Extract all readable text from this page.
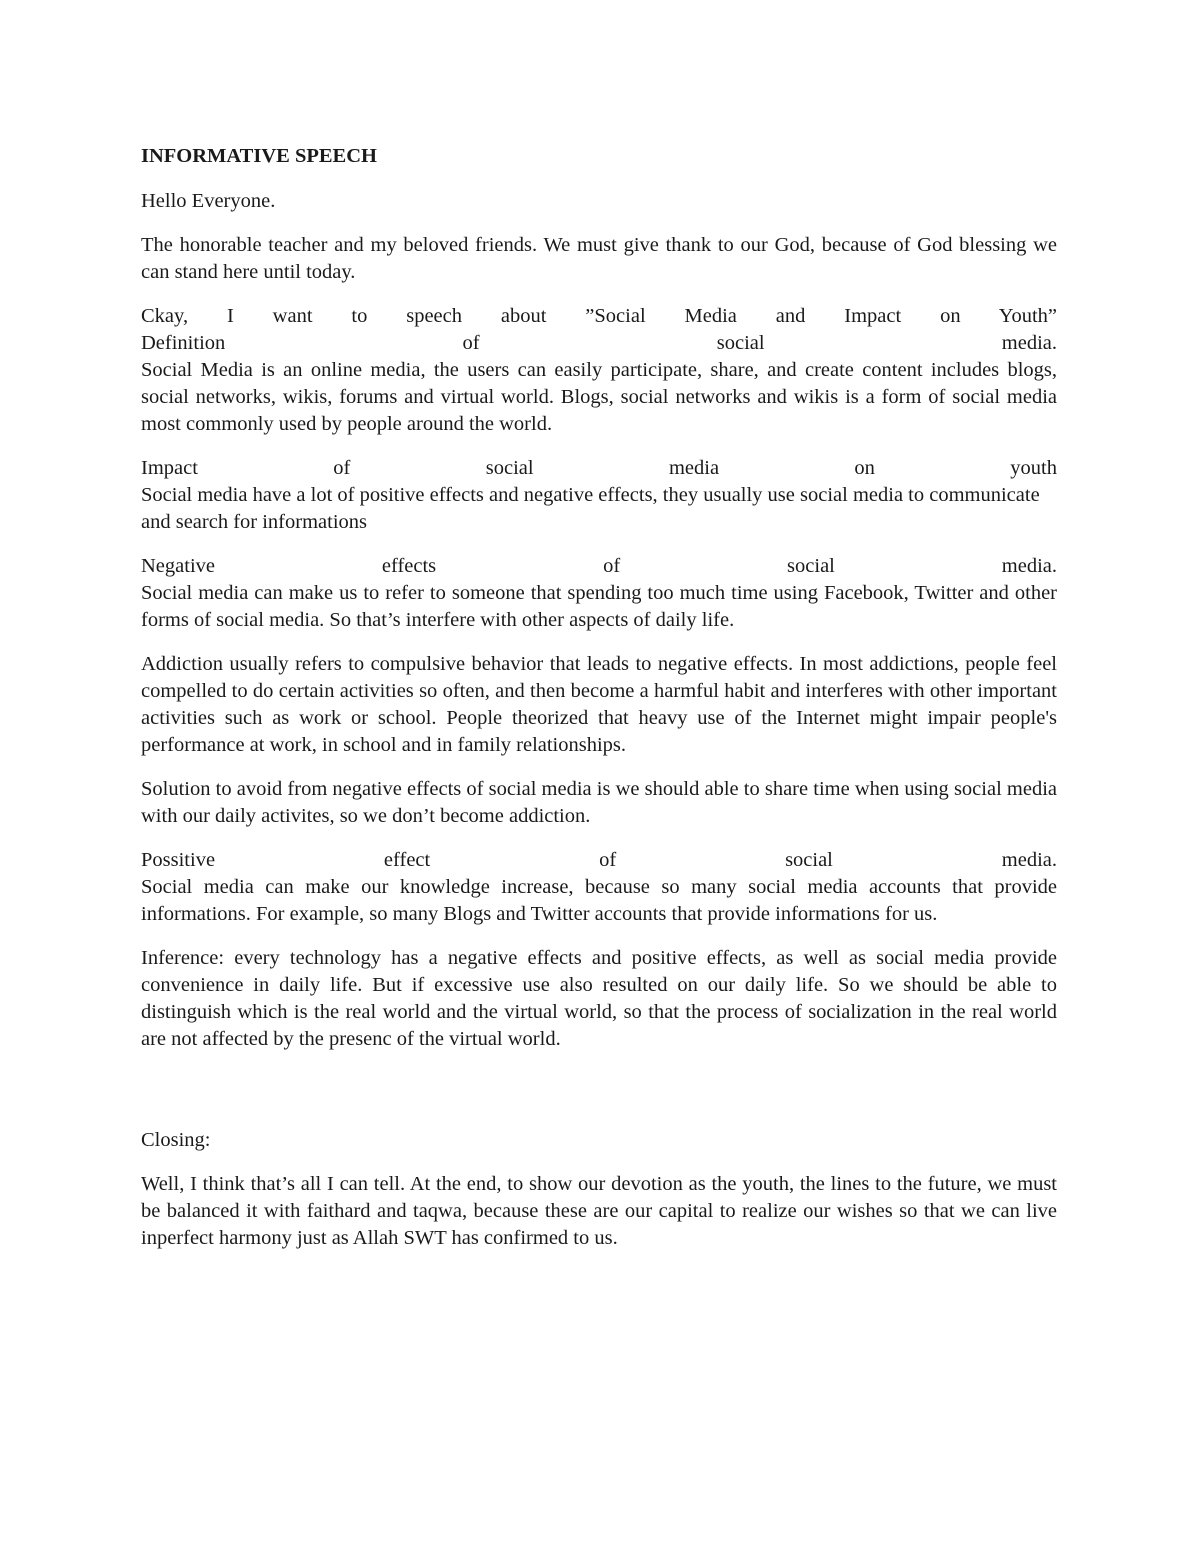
INFORMATIVE SPEECH

Hello Everyone.

The honorable teacher and my beloved friends. We must give thank to our God, because of God blessing we can stand here until today.

Ckay, I want to speech about ”Social Media and Impact on Youth”
Definition of social media.
Social Media is an online media, the users can easily participate, share, and create content includes blogs, social networks, wikis, forums and virtual world. Blogs, social networks and wikis is a form of social media most commonly used by people around the world.

Impact of social media on youth
Social media have a lot of positive effects and negative effects, they usually use social media to communicate and search for informations

Negative effects of social media.
Social media can make us to refer to someone that spending too much time using Facebook, Twitter and other forms of social media. So that’s interfere with other aspects of daily life.

Addiction usually refers to compulsive behavior that leads to negative effects. In most addictions, people feel compelled to do certain activities so often, and then become a harmful habit and interferes with other important activities such as work or school. People theorized that heavy use of the Internet might impair people's performance at work, in school and in family relationships.

Solution to avoid from negative effects of social media is we should able to share time when using social media with our daily activites, so we don’t become addiction.

Possitive effect of social media.
Social media can make our knowledge increase, because so many social media accounts that provide informations. For example, so many Blogs and Twitter accounts that provide informations for us.

Inference: every technology has a negative effects and positive effects, as well as social media provide convenience in daily life. But if excessive use also resulted on our daily life. So we should be able to distinguish which is the real world and the virtual world, so that the process of socialization in the real world are not affected by the presenc of the virtual world.

Closing:

Well, I think that’s all I can tell. At the end, to show our devotion as the youth, the lines to the future, we must be balanced it with faithard and taqwa, because these are our capital to realize our wishes so that we can live inperfect harmony just as Allah SWT has confirmed to us.
